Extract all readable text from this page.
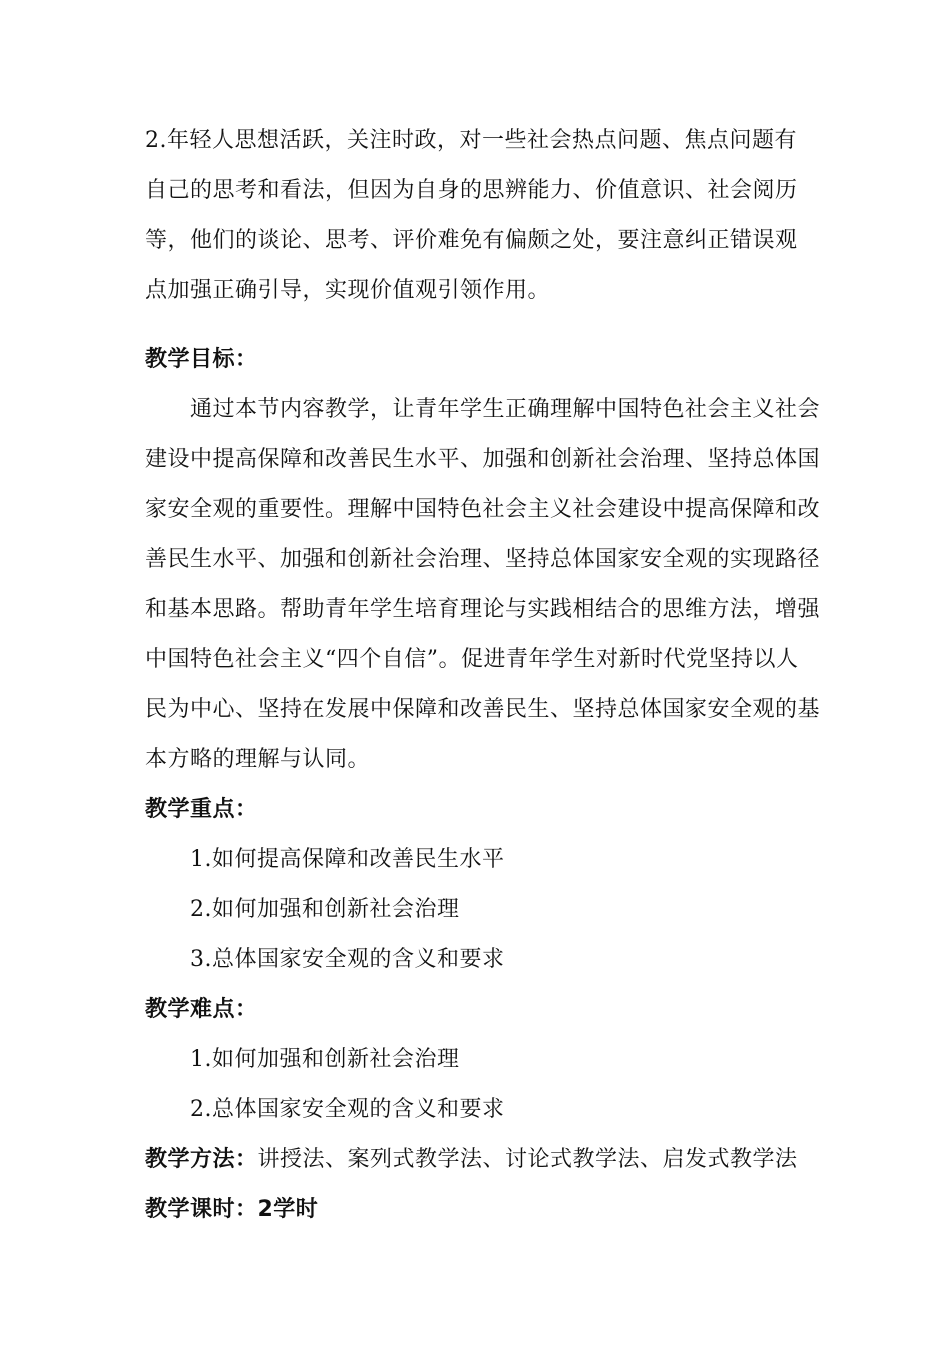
2.年轻人思想活跃，关注时政，对一些社会热点问题、焦点问题有
自己的思考和看法，但因为自身的思辨能力、价值意识、社会阅历
等，他们的谈论、思考、评价难免有偏颇之处，要注意纠正错误观
点加强正确引导，实现价值观引领作用。
教学目标：
通过本节内容教学，让青年学生正确理解中国特色社会主义社会
建设中提高保障和改善民生水平、加强和创新社会治理、坚持总体国
家安全观的重要性。理解中国特色社会主义社会建设中提高保障和改
善民生水平、加强和创新社会治理、坚持总体国家安全观的实现路径
和基本思路。帮助青年学生培育理论与实践相结合的思维方法，增强
中国特色社会主义“四个自信”。促进青年学生对新时代党坚持以人
民为中心、坚持在发展中保障和改善民生、坚持总体国家安全观的基
本方略的理解与认同。
教学重点：
1.如何提高保障和改善民生水平
2.如何加强和创新社会治理
3.总体国家安全观的含义和要求
教学难点：
1.如何加强和创新社会治理
2.总体国家安全观的含义和要求
教学方法：讲授法、案列式教学法、讨论式教学法、启发式教学法
教学课时：2学时
